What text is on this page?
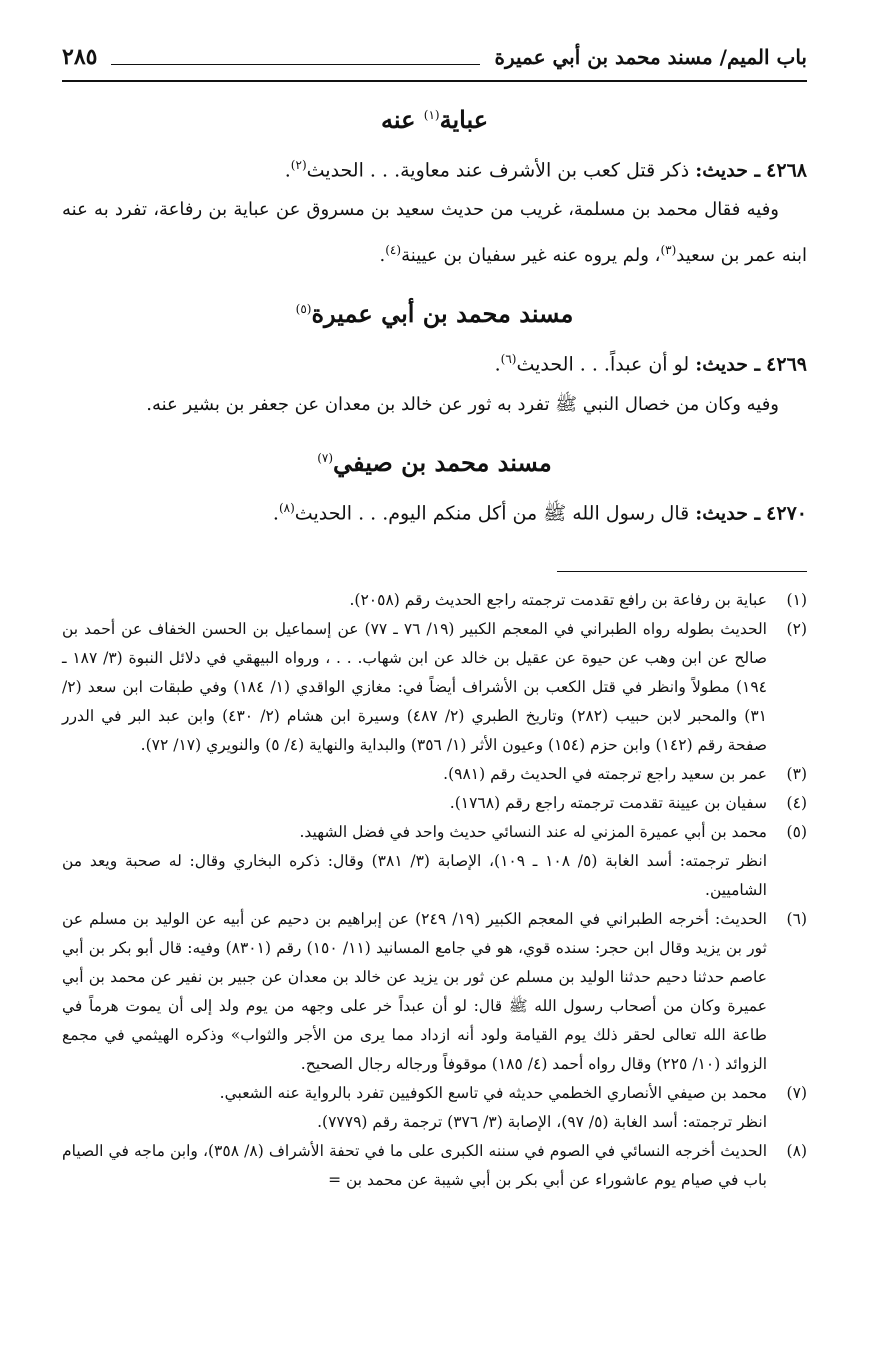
باب الميم/ مسند محمد بن أبي عميرة
٢٨٥
عباية$^{(١)}$ عنه
٤٢٦٨ ـ حديث: ذكر قتل كعب بن الأشرف عند معاوية. . . الحديث$^{(٢)}$.
وفيه فقال محمد بن مسلمة، غريب من حديث سعيد بن مسروق عن عباية بن رفاعة، تفرد به عنه ابنه عمر بن سعيد$^{(٣)}$، ولم يروه عنه غير سفيان بن عيينة$^{(٤)}$.
مسند محمد بن أبي عميرة$^{(٥)}$
٤٢٦٩ ـ حديث: لو أن عبداً. . . الحديث$^{(٦)}$.
وفيه وكان من خصال النبي ﷺ تفرد به ثور عن خالد بن معدان عن جعفر بن بشير عنه.
مسند محمد بن صيفي$^{(٧)}$
٤٢٧٠ ـ حديث: قال رسول الله ﷺ من أكل منكم اليوم. . . الحديث$^{(٨)}$.
(١)
عباية بن رفاعة بن رافع تقدمت ترجمته راجع الحديث رقم (٢٠٥٨).
(٢)
الحديث بطوله رواه الطبراني في المعجم الكبير (١٩/ ٧٦ ـ ٧٧) عن إسماعيل بن الحسن الخفاف عن أحمد بن صالح عن ابن وهب عن حيوة عن عقيل بن خالد عن ابن شهاب. . . ، ورواه البيهقي في دلائل النبوة (٣/ ١٨٧ ـ ١٩٤) مطولاً وانظر في قتل الكعب بن الأشراف أيضاً في: مغازي الواقدي (١/ ١٨٤) وفي طبقات ابن سعد (٢/ ٣١) والمحبر لابن حبيب (٢٨٢) وتاريخ الطبري (٢/ ٤٨٧) وسيرة ابن هشام (٢/ ٤٣٠) وابن عبد البر في الدرر صفحة رقم (١٤٢) وابن حزم (١٥٤) وعيون الأثر (١/ ٣٥٦) والبداية والنهاية (٤/ ٥) والنويري (١٧/ ٧٢).
(٣)
عمر بن سعيد راجع ترجمته في الحديث رقم (٩٨١).
(٤)
سفيان بن عيينة تقدمت ترجمته راجع رقم (١٧٦٨).
(٥)
محمد بن أبي عميرة المزني له عند النسائي حديث واحد في فضل الشهيد.
انظر ترجمته: أسد الغابة (٥/ ١٠٨ ـ ١٠٩)، الإصابة (٣/ ٣٨١) وقال: ذكره البخاري وقال: له صحبة ويعد من الشاميين.
(٦)
الحديث: أخرجه الطبراني في المعجم الكبير (١٩/ ٢٤٩) عن إبراهيم بن دحيم عن أبيه عن الوليد بن مسلم عن ثور بن يزيد وقال ابن حجر: سنده قوي، هو في جامع المسانيد (١١/ ١٥٠) رقم (٨٣٠١) وفيه: قال أبو بكر بن أبي عاصم حدثنا دحيم حدثنا الوليد بن مسلم عن ثور بن يزيد عن خالد بن معدان عن جبير بن نفير عن محمد بن أبي عميرة وكان من أصحاب رسول الله ﷺ قال: لو أن عبداً خر على وجهه من يوم ولد إلى أن يموت هرماً في طاعة الله تعالى لحقر ذلك يوم القيامة ولود أنه ازداد مما يرى من الأجر والثواب» وذكره الهيثمي في مجمع الزوائد (١٠/ ٢٢٥) وقال رواه أحمد (٤/ ١٨٥) موقوفاً ورجاله رجال الصحيح.
(٧)
محمد بن صيفي الأنصاري الخطمي حديثه في تاسع الكوفيين تفرد بالرواية عنه الشعبي.
انظر ترجمته: أسد الغابة (٥/ ٩٧)، الإصابة (٣/ ٣٧٦) ترجمة رقم (٧٧٧٩).
(٨)
الحديث أخرجه النسائي في الصوم في سننه الكبرى على ما في تحفة الأشراف (٨/ ٣٥٨)، وابن ماجه في الصيام باب في صيام يوم عاشوراء عن أبي بكر بن أبي شيبة عن محمد بن =
